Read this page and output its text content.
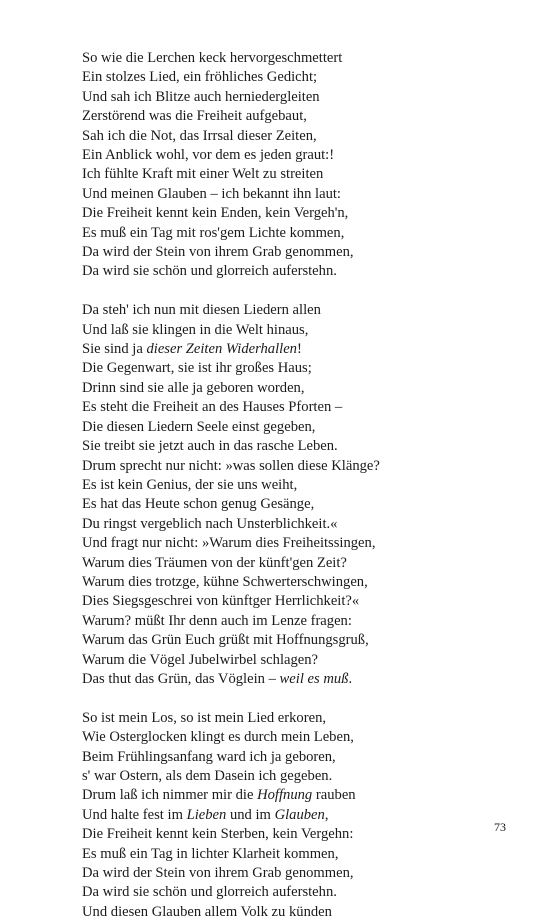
So wie die Lerchen keck hervorgeschmettert
Ein stolzes Lied, ein fröhliches Gedicht;
Und sah ich Blitze auch herniedergleiten
Zerstörend was die Freiheit aufgebaut,
Sah ich die Not, das Irrsal dieser Zeiten,
Ein Anblick wohl, vor dem es jeden graut:!
Ich fühlte Kraft mit einer Welt zu streiten
Und meinen Glauben – ich bekannt ihn laut:
Die Freiheit kennt kein Enden, kein Vergeh'n,
Es muß ein Tag mit ros'gem Lichte kommen,
Da wird der Stein von ihrem Grab genommen,
Da wird sie schön und glorreich auferstehn.
Da steh' ich nun mit diesen Liedern allen
Und laß sie klingen in die Welt hinaus,
Sie sind ja dieser Zeiten Widerhallen!
Die Gegenwart, sie ist ihr großes Haus;
Drinn sind sie alle ja geboren worden,
Es steht die Freiheit an des Hauses Pforten –
Die diesen Liedern Seele einst gegeben,
Sie treibt sie jetzt auch in das rasche Leben.
Drum sprecht nur nicht: »was sollen diese Klänge?
Es ist kein Genius, der sie uns weiht,
Es hat das Heute schon genug Gesänge,
Du ringst vergeblich nach Unsterblichkeit.«
Und fragt nur nicht: »Warum dies Freiheitssingen,
Warum dies Träumen von der künft'gen Zeit?
Warum dies trotzge, kühne Schwerterschwingen,
Dies Siegsgeschrei von künftger Herrlichkeit?«
Warum? müßt Ihr denn auch im Lenze fragen:
Warum das Grün Euch grüßt mit Hoffnungsgruß,
Warum die Vögel Jubelwirbel schlagen?
Das thut das Grün, das Vöglein – weil es muß.
So ist mein Los, so ist mein Lied erkoren,
Wie Osterglocken klingt es durch mein Leben,
Beim Frühlingsanfang ward ich ja geboren,
s' war Ostern, als dem Dasein ich gegeben.
Drum laß ich nimmer mir die Hoffnung rauben
Und halte fest im Lieben und im Glauben,
Die Freiheit kennt kein Sterben, kein Vergehn:
Es muß ein Tag in lichter Klarheit kommen,
Da wird der Stein von ihrem Grab genommen,
Da wird sie schön und glorreich auferstehn.
Und diesen Glauben allem Volk zu künden
73
